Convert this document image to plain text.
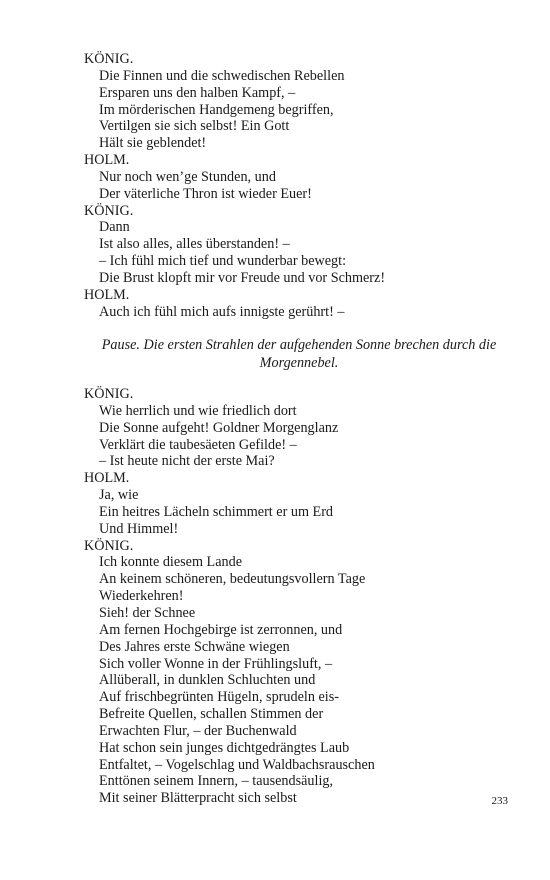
KÖNIG.

Die Finnen und die schwedischen Rebellen

Ersparen uns den halben Kampf, –

Im mörderischen Handgemeng begriffen,

Vertilgen sie sich selbst! Ein Gott

Hält sie geblendet!

HOLM.

Nur noch wen’ge Stunden, und

Der väterliche Thron ist wieder Euer!

KÖNIG.

Dann

Ist also alles, alles überstanden! –

– Ich fühl mich tief und wunderbar bewegt:

Die Brust klopft mir vor Freude und vor Schmerz!

HOLM.

Auch ich fühl mich aufs innigste gerührt! –

Pause. Die ersten Strahlen der aufgehenden Sonne brechen durch die

Morgennebel.

KÖNIG.

Wie herrlich und wie friedlich dort

Die Sonne aufgeht! Goldner Morgenglanz

Verklärt die taubesäeten Gefilde! –

– Ist heute nicht der erste Mai?

HOLM.

Ja, wie

Ein heitres Lächeln schimmert er um Erd

Und Himmel!

KÖNIG.

Ich konnte diesem Lande

An keinem schöneren, bedeutungsvollern Tage

Wiederkehren!

Sieh! der Schnee

Am fernen Hochgebirge ist zerronnen, und

Des Jahres erste Schwäne wiegen

Sich voller Wonne in der Frühlingsluft, –

Allüberall, in dunklen Schluchten und

Auf frischbegrünten Hügeln, sprudeln eis-

Befreite Quellen, schallen Stimmen der

Erwachten Flur, – der Buchenwald

Hat schon sein junges dichtgedrängtes Laub

Entfaltet, – Vogelschlag und Waldbachsrauschen

Enttönen seinem Innern, – tausendsäulig,

Mit seiner Blätterpracht sich selbst	233
